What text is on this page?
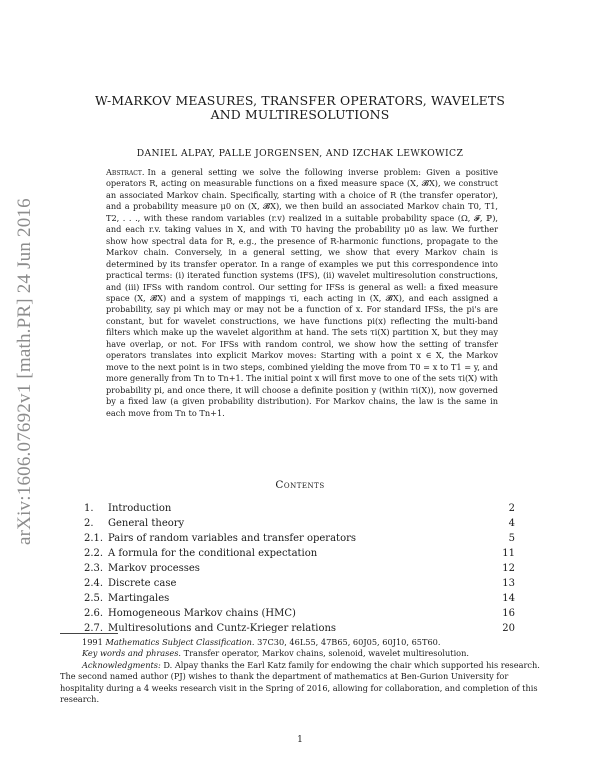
arXiv:1606.07692v1 [math.PR] 24 Jun 2016
W-MARKOV MEASURES, TRANSFER OPERATORS, WAVELETS
AND MULTIRESOLUTIONS
DANIEL ALPAY, PALLE JORGENSEN, AND IZCHAK LEWKOWICZ
Abstract. In a general setting we solve the following inverse problem: Given a positive operators R, acting on measurable functions on a fixed measure space (X, 𝓑X), we construct an associated Markov chain. Specifically, starting with a choice of R (the transfer operator), and a probability measure μ0 on (X, 𝓑X), we then build an associated Markov chain T0, T1, T2, . . ., with these random variables (r.v) realized in a suitable probability space (Ω, 𝓕, ℙ), and each r.v. taking values in X, and with T0 having the probability μ0 as law. We further show how spectral data for R, e.g., the presence of R-harmonic functions, propagate to the Markov chain. Conversely, in a general setting, we show that every Markov chain is determined by its transfer operator. In a range of examples we put this correspondence into practical terms: (i) iterated function systems (IFS), (ii) wavelet multiresolution constructions, and (iii) IFSs with random control. Our setting for IFSs is general as well: a fixed measure space (X, 𝓑X) and a system of mappings τi, each acting in (X, 𝓑X), and each assigned a probability, say pi which may or may not be a function of x. For standard IFSs, the pi's are constant, but for wavelet constructions, we have functions pi(x) reflecting the multi-band filters which make up the wavelet algorithm at hand. The sets τi(X) partition X, but they may have overlap, or not. For IFSs with random control, we show how the setting of transfer operators translates into explicit Markov moves: Starting with a point x ∈ X, the Markov move to the next point is in two steps, combined yielding the move from T0 = x to T1 = y, and more generally from Tn to Tn+1. The initial point x will first move to one of the sets τi(X) with probability pi, and once there, it will choose a definite position y (within τi(X)), now governed by a fixed law (a given probability distribution). For Markov chains, the law is the same in each move from Tn to Tn+1.
Contents
1.	Introduction	2
2.	General theory	4
2.1. Pairs of random variables and transfer operators	5
2.2. A formula for the conditional expectation	11
2.3. Markov processes	12
2.4. Discrete case	13
2.5. Martingales	14
2.6. Homogeneous Markov chains (HMC)	16
2.7. Multiresolutions and Cuntz-Krieger relations	20

1991 Mathematics Subject Classification. 37C30, 46L55, 47B65, 60J05, 60J10, 65T60.

Key words and phrases. Transfer operator, Markov chains, solenoid, wavelet multiresolution.

Acknowledgments: D. Alpay thanks the Earl Katz family for endowing the chair which supported his research. The second named author (PJ) wishes to thank the department of mathematics at Ben-Gurion University for hospitality during a 4 weeks research visit in the Spring of 2016, allowing for collaboration, and completion of this research.

1
